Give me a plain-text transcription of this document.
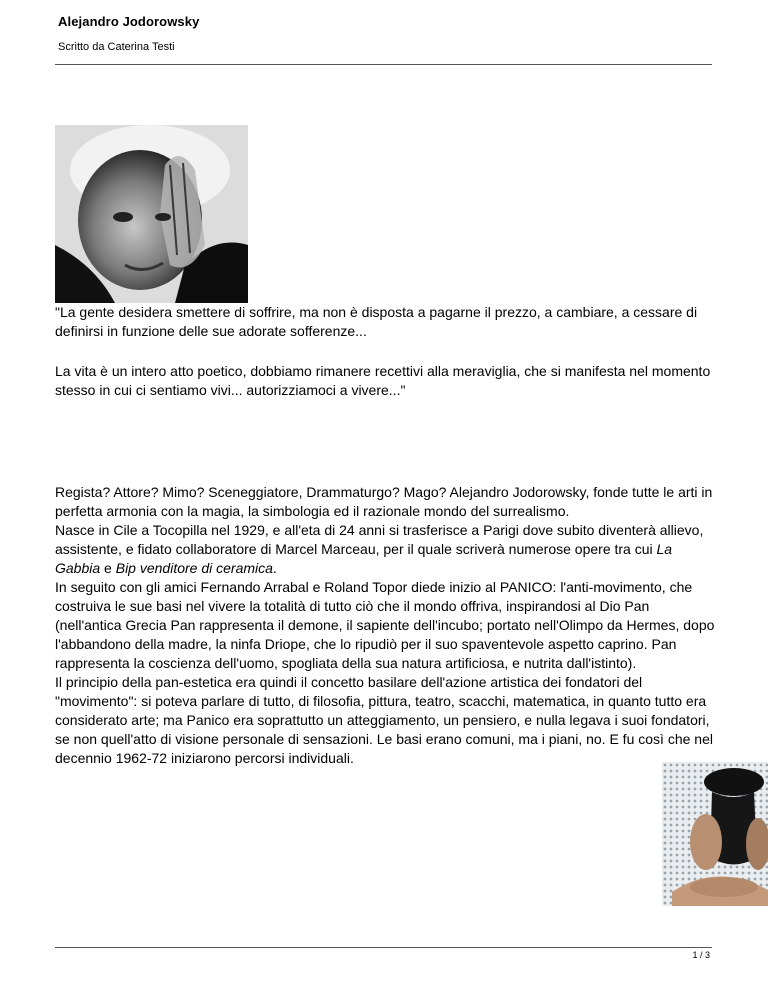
Alejandro Jodorowsky
Scritto da Caterina Testi
"La gente desidera smettere di soffrire, ma non è disposta a pagarne il prezzo, a cambiare, a cessare di definirsi in funzione delle sue adorate sofferenze...
La vita è un intero atto poetico, dobbiamo rimanere recettivi alla meraviglia, che si manifesta nel momento stesso in cui ci sentiamo vivi... autorizziamoci a vivere..."

Regista? Attore? Mimo? Sceneggiatore, Drammaturgo? Mago? Alejandro Jodorowsky, fonde tutte le arti in perfetta armonia con la magia, la simbologia ed il razionale mondo del surrealismo.

Nasce in Cile a Tocopilla nel 1929, e all'eta di 24 anni si trasferisce a Parigi dove subito diventerà allievo, assistente, e fidato collaboratore di Marcel Marceau, per il quale scriverà numerose opere tra cui La Gabbia e Bip venditore di ceramica.

In seguito con gli amici Fernando Arrabal e Roland Topor diede inizio al PANICO: l'anti-movimento, che costruiva le sue basi nel vivere la totalità di tutto ciò che il mondo offriva, inspirandosi al Dio Pan (nell'antica Grecia Pan rappresenta il demone, il sapiente dell'incubo; portato nell'Olimpo da Hermes, dopo l'abbandono della madre, la ninfa Driope, che lo ripudiò per il suo spaventevole aspetto caprino. Pan rappresenta la coscienza dell'uomo, spogliata della sua natura artificiosa, e nutrita dall'istinto).

Il principio della pan-estetica era quindi il concetto basilare dell'azione artistica dei fondatori del "movimento": si poteva parlare di tutto, di filosofia, pittura, teatro, scacchi, matematica, in quanto tutto era considerato arte; ma Panico era soprattutto un atteggiamento, un pensiero, e nulla legava i suoi fondatori, se non quell'atto di visione personale di sensazioni. Le basi erano comuni, ma i piani, no. E fu così che nel decennio 1962-72 iniziarono percorsi individuali.

1 / 3
